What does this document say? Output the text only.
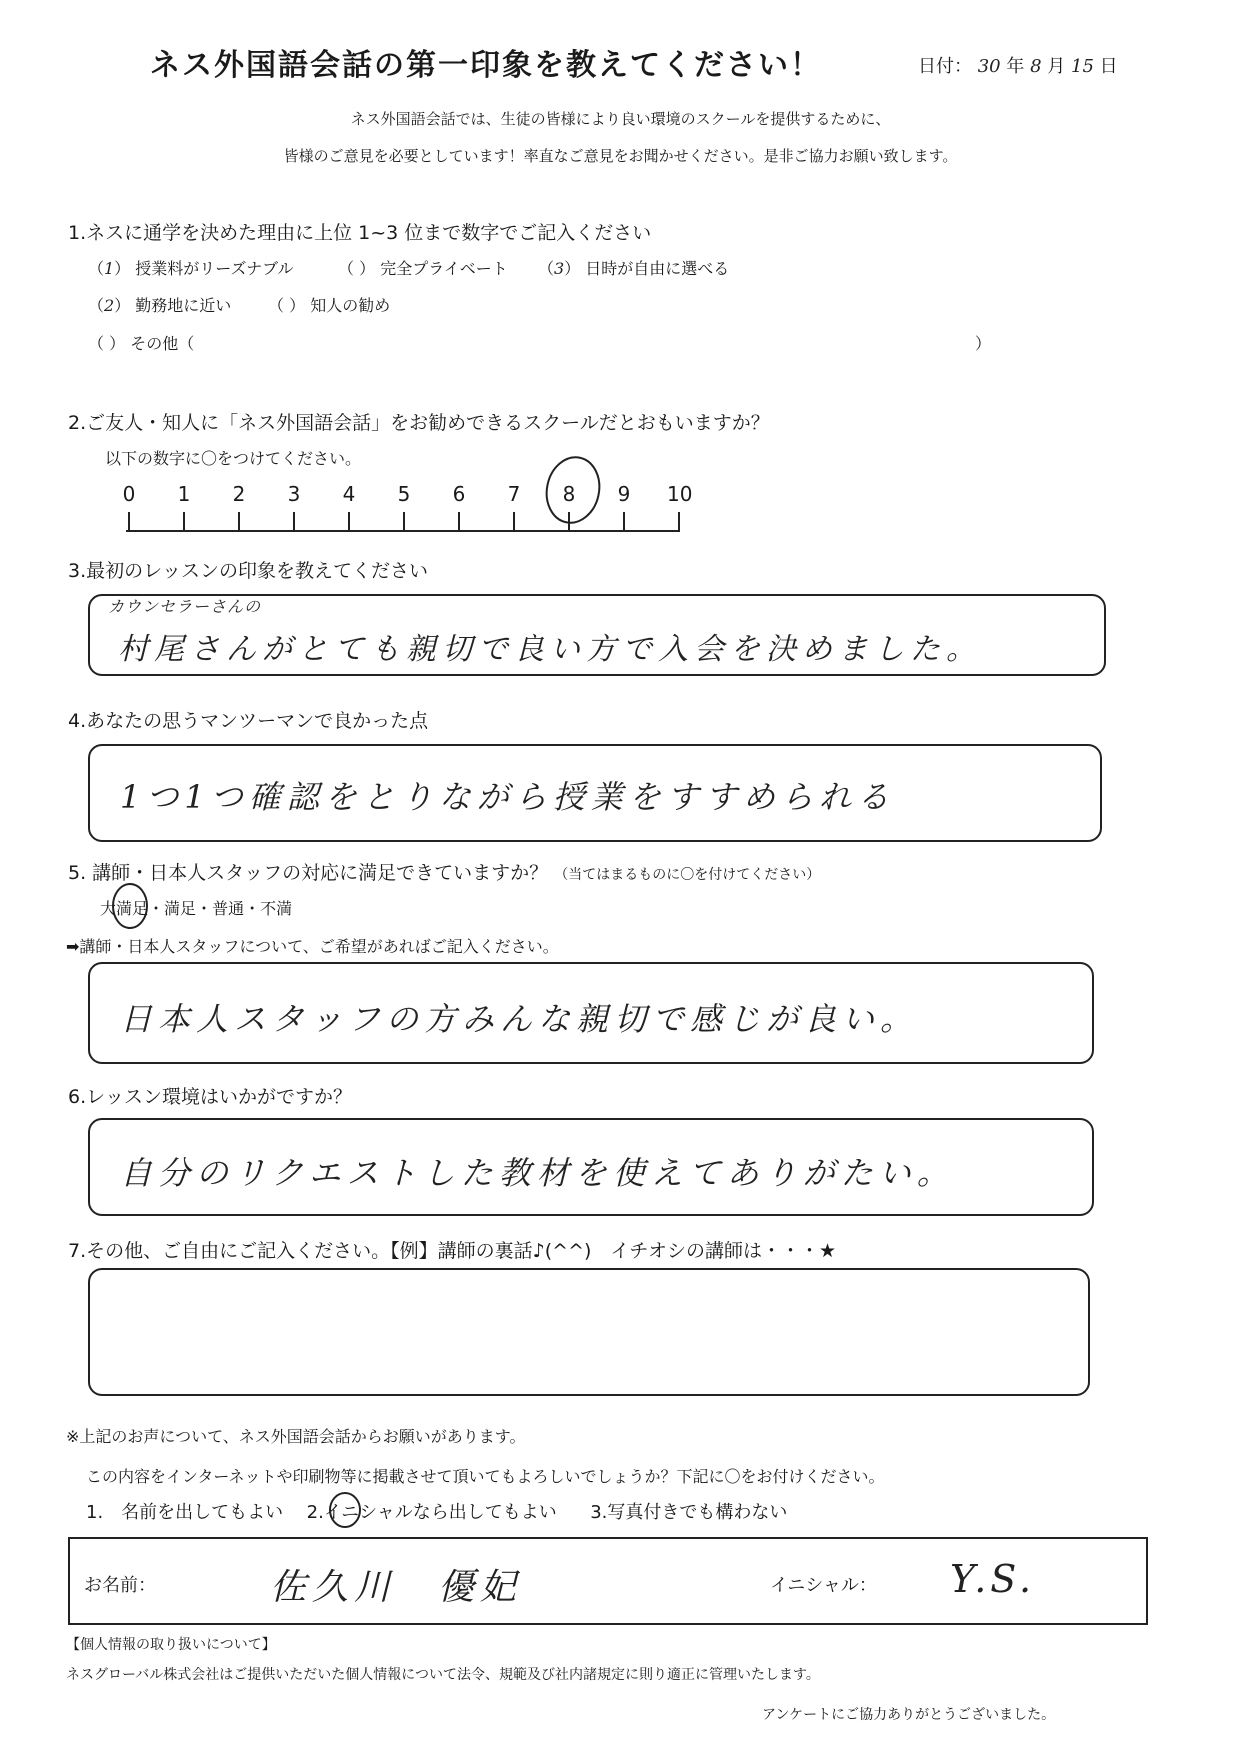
ネス外国語会話の第一印象を教えてください！	日付： 30 年 8 月 15 日
ネス外国語会話では、生徒の皆様により良い環境のスクールを提供するために、
皆様のご意見を必要としています！率直なご意見をお聞かせください。是非ご協力お願い致します。
1.ネスに通学を決めた理由に上位 1~3 位まで数字でご記入ください
（1） 授業料がリーズナブル	（ ） 完全プライベート （3） 日時が自由に選べる
（2） 勤務地に近い （ ） 知人の勧め
（ ） その他（	）
2.ご友人・知人に「ネス外国語会話」をお勧めできるスクールだとおもいますか？
以下の数字に〇をつけてください。
0 1 2 3 4 5 6 7 8 9 10
3.最初のレッスンの印象を教えてください
カウンセラーさんの
村尾さんがとても親切で良い方で入会を決めました。
4.あなたの思うマンツーマンで良かった点
1つ1つ確認をとりながら授業をすすめられる
5. 講師・日本人スタッフの対応に満足できていますか？ （当てはまるものに〇を付けてください）
大満足・満足・普通・不満
➡講師・日本人スタッフについて、ご希望があればご記入ください。
日本人スタッフの方みんな親切で感じが良い。
6.レッスン環境はいかがですか？
自分のリクエストした教材を使えてありがたい。
7.その他、ご自由にご記入ください。【例】講師の裏話♪(^^)　イチオシの講師は・・・★
※上記のお声について、ネス外国語会話からお願いがあります。
この内容をインターネットや印刷物等に掲載させて頂いてもよろしいでしょうか？下記に〇をお付けください。
1.　名前を出してもよい 2.イニシャルなら出してもよい 3.写真付きでも構わない
お名前：	佐久川　優妃	イニシャル： Y.S.
【個人情報の取り扱いについて】
ネスグローバル株式会社はご提供いただいた個人情報について法令、規範及び社内諸規定に則り適正に管理いたします。
アンケートにご協力ありがとうございました。
